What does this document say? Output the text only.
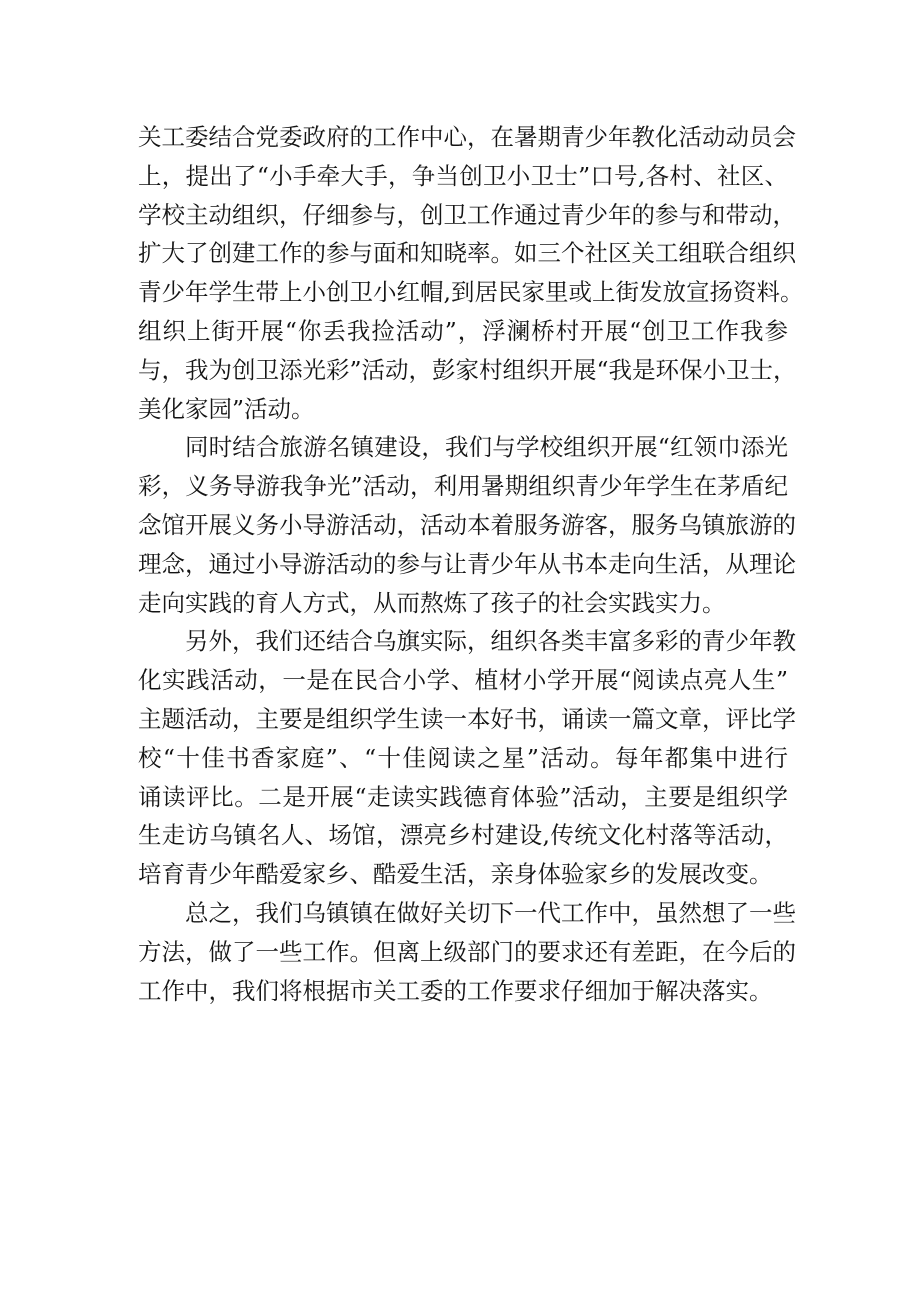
关工委结合党委政府的工作中心，在暑期青少年教化活动动员会
上，提出了“小手牵大手，争当创卫小卫士”口号,各村、社区、
学校主动组织，仔细参与，创卫工作通过青少年的参与和带动，
扩大了创建工作的参与面和知晓率。如三个社区关工组联合组织
青少年学生带上小创卫小红帽,到居民家里或上街发放宣扬资料。
组织上街开展“你丢我捡活动”，浮澜桥村开展“创卫工作我参
与，我为创卫添光彩”活动，彭家村组织开展“我是环保小卫士，
美化家园”活动。
同时结合旅游名镇建设，我们与学校组织开展“红领巾添光
彩，义务导游我争光”活动，利用暑期组织青少年学生在茅盾纪
念馆开展义务小导游活动，活动本着服务游客，服务乌镇旅游的
理念，通过小导游活动的参与让青少年从书本走向生活，从理论
走向实践的育人方式，从而熬炼了孩子的社会实践实力。
另外，我们还结合乌旗实际，组织各类丰富多彩的青少年教
化实践活动，一是在民合小学、植材小学开展“阅读点亮人生”
主题活动，主要是组织学生读一本好书，诵读一篇文章，评比学
校“十佳书香家庭”、“十佳阅读之星”活动。每年都集中进行
诵读评比。二是开展“走读实践德育体验”活动，主要是组织学
生走访乌镇名人、场馆，漂亮乡村建设,传统文化村落等活动，
培育青少年酷爱家乡、酷爱生活，亲身体验家乡的发展改变。
总之，我们乌镇镇在做好关切下一代工作中，虽然想了一些
方法，做了一些工作。但离上级部门的要求还有差距，在今后的
工作中，我们将根据市关工委的工作要求仔细加于解决落实。
